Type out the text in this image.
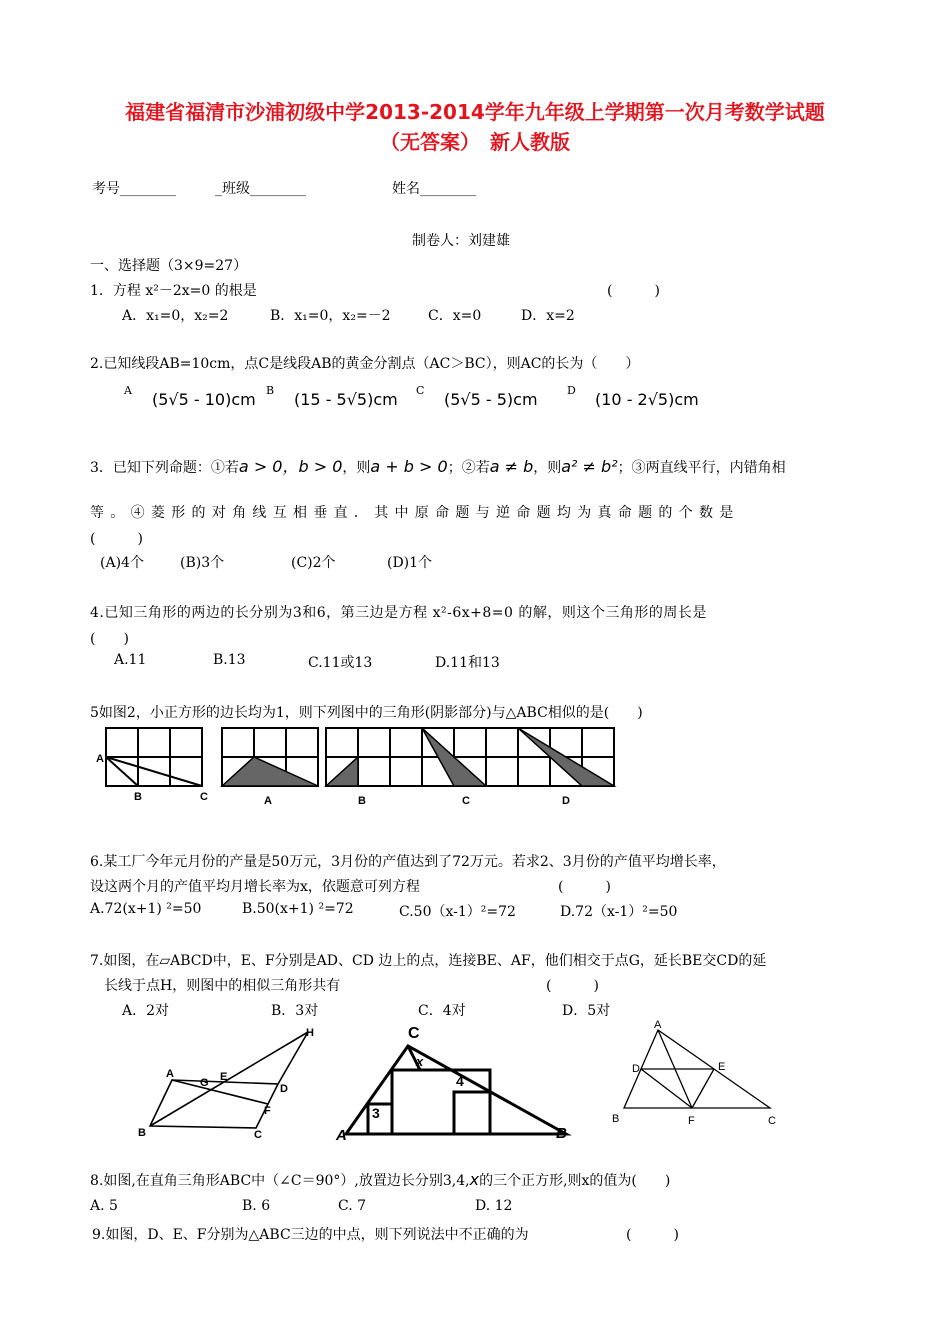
福建省福清市沙浦初级中学2013-2014学年九年级上学期第一次月考数学试题
（无答案）　新人教版
考号________	_班级________	姓名________
制卷人：刘建雄
一、选择题（3×9=27）
1．方程 x²－2x=0 的根是	(　　　)
A．x₁=0，x₂=2	B．x₁=0，x₂=－2	C．x=0	D．x=2
2.已知线段AB=10cm，点C是线段AB的黄金分割点（AC＞BC），则AC的长为（　　）
A (5√5 - 10)cm B (15 - 5√5)cm C (5√5 - 5)cm	D (10 - 2√5)cm
3．已知下列命题：①若a > 0，b > 0，则a + b > 0；②若a ≠ b，则a² ≠ b²；③两直线平行，内错角相
等。④菱形的对角线互相垂直．其中原命题与逆命题均为真命题的个数是
(　　　)
(A)4个	(B)3个	(C)2个	(D)1个
4.已知三角形的两边的长分别为3和6，第三边是方程 x²-6x+8=0 的解，则这个三角形的周长是
(　　)
A.11	B.13	C.11或13	D.11和13
5如图2，小正方形的边长均为1，则下列图中的三角形(阴影部分)与△ABC相似的是(　　)
A
B	C	A	B	C	D
6.某工厂今年元月份的产量是50万元，3月份的产值达到了72万元。若求2、3月份的产值平均增长率，
设这两个月的产值平均月增长率为x，依题意可列方程	(　　　)
A.72(x+1) ²=50	B.50(x+1) ²=72	C.50（x-1）²=72	D.72（x-1）²=50
7.如图，在▱ABCD中，E、F分别是AD、CD 边上的点，连接BE、AF，他们相交于点G，延长BE交CD的延
长线于点H，则图中的相似三角形共有	(　　　)
A．2对	B．3对	C．4对	D．5对
A
G E
D
F
B	C
H	C
x
4
3
A	B
A
D	E
B	F	C
8.如图,在直角三角形ABC中（∠C＝90°）,放置边长分别3,4,x的三个正方形,则x的值为(　　)
A. 5	B. 6	C. 7	D. 12
9.如图，D、E、F分别为△ABC三边的中点，则下列说法中不正确的为	(　　　)
